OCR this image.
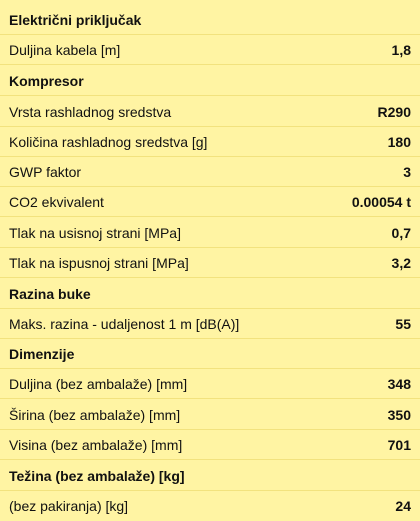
Električni priključak
Duljina kabela [m]	1,8
Kompresor
Vrsta rashladnog sredstva	R290
Količina rashladnog sredstva [g]	180
GWP faktor	3
CO2 ekvivalent	0.00054 t
Tlak na usisnoj strani [MPa]	0,7
Tlak na ispusnoj strani [MPa]	3,2
Razina buke
Maks. razina - udaljenost 1 m [dB(A)]	55
Dimenzije
Duljina (bez ambalaže) [mm]	348
Širina (bez ambalaže) [mm]	350
Visina (bez ambalaže) [mm]	701
Težina (bez ambalaže) [kg]
(bez pakiranja) [kg]	24
